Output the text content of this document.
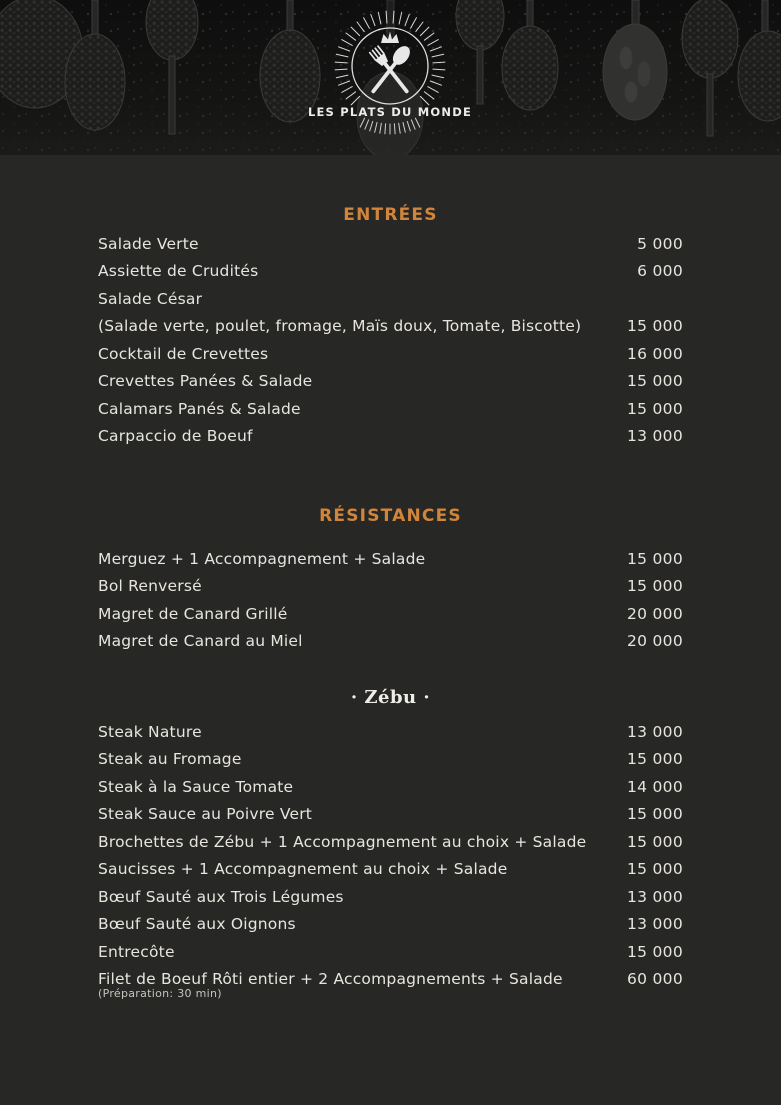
LES PLATS DU MONDE
ENTRÉES
Salade Verte	5 000
Assiette de Crudités	6 000
Salade César
(Salade verte, poulet, fromage, Maïs doux, Tomate, Biscotte)	15 000
Cocktail de Crevettes	16 000
Crevettes Panées & Salade	15 000
Calamars Panés & Salade	15 000
Carpaccio de Boeuf	13 000
RÉSISTANCES
Merguez + 1 Accompagnement + Salade	15 000
Bol Renversé	15 000
Magret de Canard Grillé	20 000
Magret de Canard au Miel	20 000
· Zébu ·
Steak Nature	13 000
Steak au Fromage	15 000
Steak à la Sauce Tomate	14 000
Steak Sauce au Poivre Vert	15 000
Brochettes de Zébu + 1 Accompagnement au choix + Salade	15 000
Saucisses + 1 Accompagnement au choix + Salade	15 000
Bœuf Sauté aux Trois Légumes	13 000
Bœuf Sauté aux Oignons	13 000
Entrecôte	15 000
Filet de Boeuf Rôti entier + 2 Accompagnements + Salade	60 000
(Préparation: 30 min)
